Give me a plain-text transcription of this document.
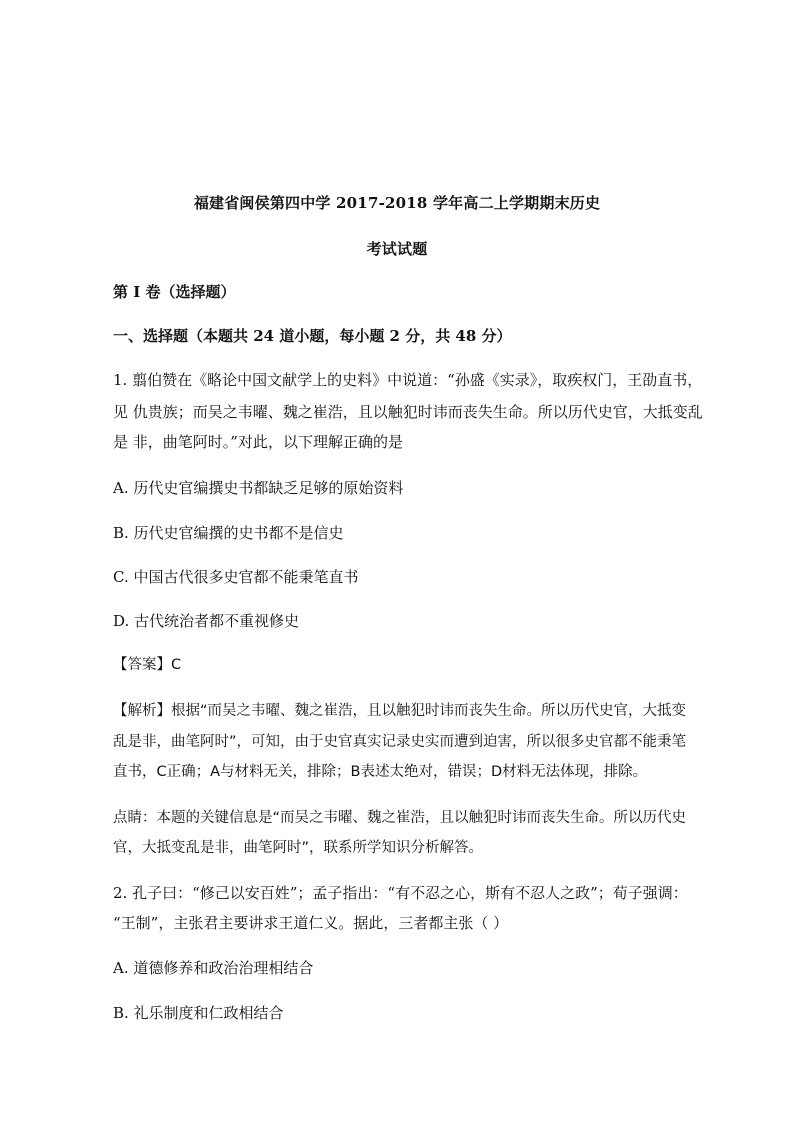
福建省闽侯第四中学 2017-2018 学年高二上学期期末历史
考试试题
第 I 卷（选择题）
一、选择题（本题共 24 道小题，每小题 2 分，共 48 分）
1. 翦伯赞在《略论中国文献学上的史料》中说道：“孙盛《实录》，取疾权门，王劭直书，
见 仇贵族；而吴之韦曜、魏之崔浩，且以触犯时讳而丧失生命。所以历代史官，大抵变乱
是 非，曲笔阿时。”对此，以下理解正确的是
A. 历代史官编撰史书都缺乏足够的原始资料
B. 历代史官编撰的史书都不是信史
C. 中国古代很多史官都不能秉笔直书
D. 古代统治者都不重视修史
【答案】C
【解析】根据“而吴之韦曜、魏之崔浩，且以触犯时讳而丧失生命。所以历代史官，大抵变
乱是非，曲笔阿时”，可知，由于史官真实记录史实而遭到迫害，所以很多史官都不能秉笔
直书，C正确；A与材料无关，排除；B表述太绝对，错误；D材料无法体现，排除。
点睛：本题的关键信息是“而吴之韦曜、魏之崔浩，且以触犯时讳而丧失生命。所以历代史
官，大抵变乱是非，曲笔阿时”，联系所学知识分析解答。
2. 孔子曰：“修己以安百姓”；孟子指出：“有不忍之心，斯有不忍人之政”；荀子强调：
“王制”，主张君主要讲求王道仁义。据此，三者都主张（ ）
A. 道德修养和政治治理相结合
B. 礼乐制度和仁政相结合
